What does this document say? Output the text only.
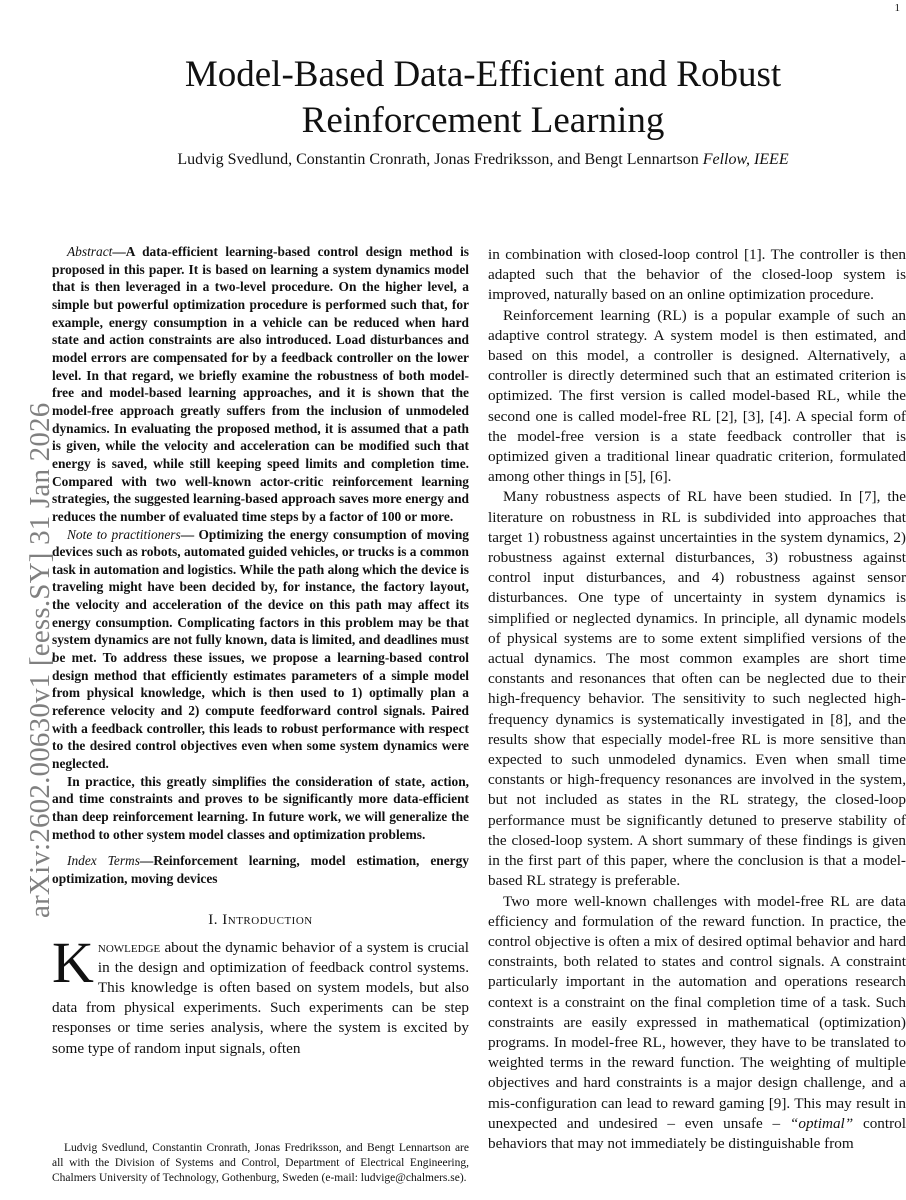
1
arXiv:2602.00630v1 [eess.SY] 31 Jan 2026
Model-Based Data-Efficient and Robust
Reinforcement Learning
Ludvig Svedlund, Constantin Cronrath, Jonas Fredriksson, and Bengt Lennartson Fellow, IEEE

Abstract—A data-efficient learning-based control design method is proposed in this paper. It is based on learning a system dynamics model that is then leveraged in a two-level procedure. On the higher level, a simple but powerful optimization procedure is performed such that, for example, energy consumption in a vehicle can be reduced when hard state and action constraints are also introduced. Load disturbances and model errors are compensated for by a feedback controller on the lower level. In that regard, we briefly examine the robustness of both model-free and model-based learning approaches, and it is shown that the model-free approach greatly suffers from the inclusion of unmodeled dynamics. In evaluating the proposed method, it is assumed that a path is given, while the velocity and acceleration can be modified such that energy is saved, while still keeping speed limits and completion time. Compared with two well-known actor-critic reinforcement learning strategies, the suggested learning-based approach saves more energy and reduces the number of evaluated time steps by a factor of 100 or more.

Note to practitioners— Optimizing the energy consumption of moving devices such as robots, automated guided vehicles, or trucks is a common task in automation and logistics. While the path along which the device is traveling might have been decided by, for instance, the factory layout, the velocity and acceleration of the device on this path may affect its energy consumption. Complicating factors in this problem may be that system dynamics are not fully known, data is limited, and deadlines must be met. To address these issues, we propose a learning-based control design method that efficiently estimates parameters of a simple model from physical knowledge, which is then used to 1) optimally plan a reference velocity and 2) compute feedforward control signals. Paired with a feedback controller, this leads to robust performance with respect to the desired control objectives even when some system dynamics were neglected.

In practice, this greatly simplifies the consideration of state, action, and time constraints and proves to be significantly more data-efficient than deep reinforcement learning. In future work, we will generalize the method to other system model classes and optimization problems.

Index Terms—Reinforcement learning, model estimation, energy optimization, moving devices

I. Introduction
Knowledge about the dynamic behavior of a system is crucial in the design and optimization of feedback control systems. This knowledge is often based on system models, but also data from physical experiments. Such experiments can be step responses or time series analysis, where the system is excited by some type of random input signals, often

in combination with closed-loop control [1]. The controller is then adapted such that the behavior of the closed-loop system is improved, naturally based on an online optimization procedure.

Reinforcement learning (RL) is a popular example of such an adaptive control strategy. A system model is then estimated, and based on this model, a controller is designed. Alternatively, a controller is directly determined such that an estimated criterion is optimized. The first version is called model-based RL, while the second one is called model-free RL [2], [3], [4]. A special form of the model-free version is a state feedback controller that is optimized given a traditional linear quadratic criterion, formulated among other things in [5], [6].

Many robustness aspects of RL have been studied. In [7], the literature on robustness in RL is subdivided into approaches that target 1) robustness against uncertainties in the system dynamics, 2) robustness against external disturbances, 3) robustness against control input disturbances, and 4) robustness against sensor disturbances. One type of uncertainty in system dynamics is simplified or neglected dynamics. In principle, all dynamic models of physical systems are to some extent simplified versions of the actual dynamics. The most common examples are short time constants and resonances that often can be neglected due to their high-frequency behavior. The sensitivity to such neglected high-frequency dynamics is systematically investigated in [8], and the results show that especially model-free RL is more sensitive than expected to such unmodeled dynamics. Even when small time constants or high-frequency resonances are involved in the system, but not included as states in the RL strategy, the closed-loop performance must be significantly detuned to preserve stability of the closed-loop system. A short summary of these findings is given in the first part of this paper, where the conclusion is that a model-based RL strategy is preferable.

Two more well-known challenges with model-free RL are data efficiency and formulation of the reward function. In practice, the control objective is often a mix of desired optimal behavior and hard constraints, both related to states and control signals. A constraint particularly important in the automation and operations research context is a constraint on the final completion time of a task. Such constraints are easily expressed in mathematical (optimization) programs. In model-free RL, however, they have to be translated to weighted terms in the reward function. The weighting of multiple objectives and hard constraints is a major design challenge, and a mis-configuration can lead to reward gaming [9]. This may result in unexpected and undesired – even unsafe – “optimal” control behaviors that may not immediately be distinguishable from

Ludvig Svedlund, Constantin Cronrath, Jonas Fredriksson, and Bengt Lennartson are all with the Division of Systems and Control, Department of Electrical Engineering, Chalmers University of Technology, Gothenburg, Sweden (e-mail: ludvige@chalmers.se).
